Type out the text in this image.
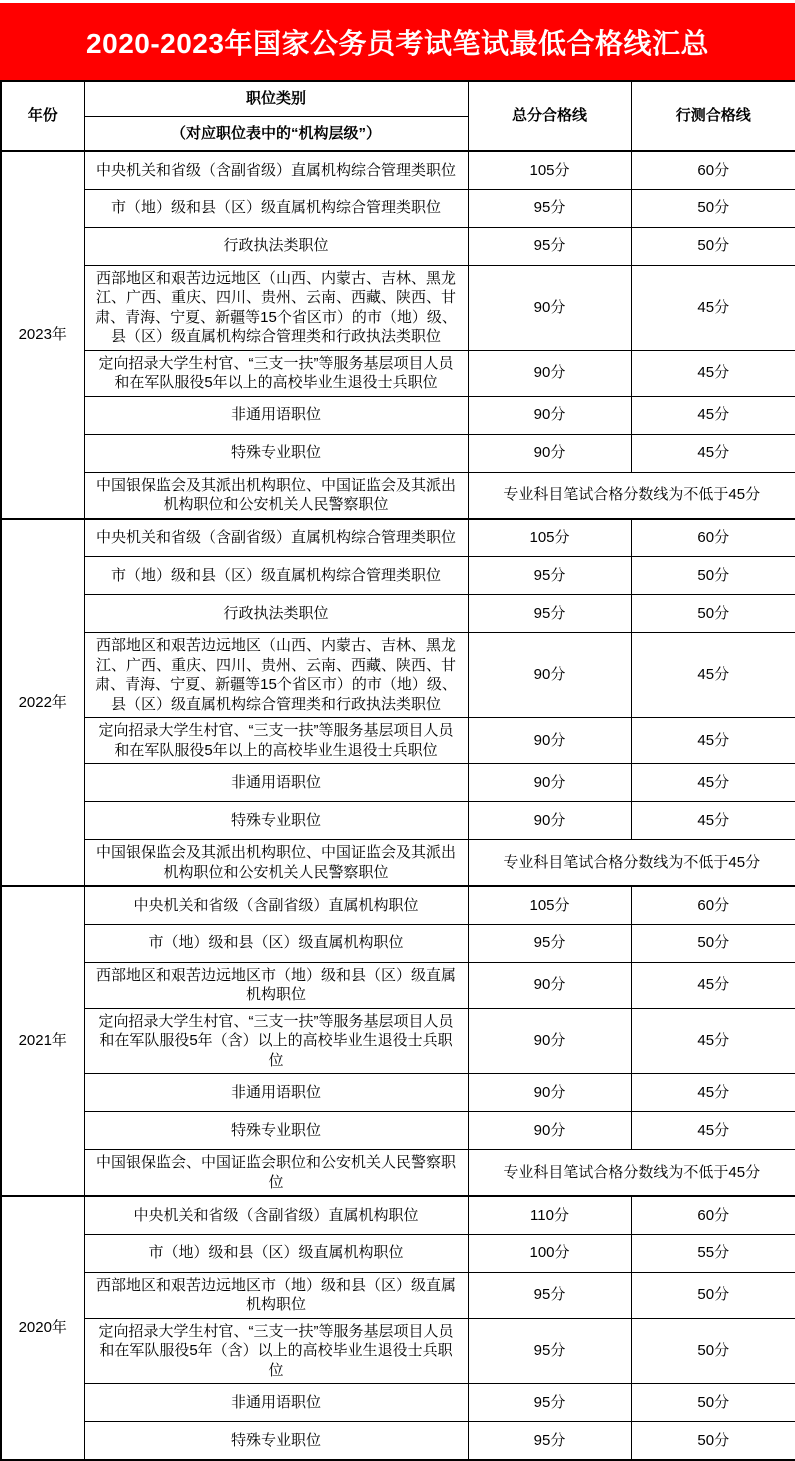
2020-2023年国家公务员考试笔试最低合格线汇总
年份	职位类别	总分合格线	行测合格线
	（对应职位表中的“机构层级”）		
2023年	中央机关和省级（含副省级）直属机构综合管理类职位	105分	60分
	市（地）级和县（区）级直属机构综合管理类职位	95分	50分
	行政执法类职位	95分	50分
	西部地区和艰苦边远地区（山西、内蒙古、吉林、黑龙江、广西、重庆、四川、贵州、云南、西藏、陕西、甘肃、青海、宁夏、新疆等15个省区市）的市（地）级、县（区）级直属机构综合管理类和行政执法类职位	90分	45分
	定向招录大学生村官、“三支一扶”等服务基层项目人员和在军队服役5年以上的高校毕业生退役士兵职位	90分	45分
	非通用语职位	90分	45分
	特殊专业职位	90分	45分
	中国银保监会及其派出机构职位、中国证监会及其派出机构职位和公安机关人民警察职位	专业科目笔试合格分数线为不低于45分	
2022年	中央机关和省级（含副省级）直属机构综合管理类职位	105分	60分
	市（地）级和县（区）级直属机构综合管理类职位	95分	50分
	行政执法类职位	95分	50分
	西部地区和艰苦边远地区（山西、内蒙古、吉林、黑龙江、广西、重庆、四川、贵州、云南、西藏、陕西、甘肃、青海、宁夏、新疆等15个省区市）的市（地）级、县（区）级直属机构综合管理类和行政执法类职位	90分	45分
	定向招录大学生村官、“三支一扶”等服务基层项目人员和在军队服役5年以上的高校毕业生退役士兵职位	90分	45分
	非通用语职位	90分	45分
	特殊专业职位	90分	45分
	中国银保监会及其派出机构职位、中国证监会及其派出机构职位和公安机关人民警察职位	专业科目笔试合格分数线为不低于45分	
2021年	中央机关和省级（含副省级）直属机构职位	105分	60分
	市（地）级和县（区）级直属机构职位	95分	50分
	西部地区和艰苦边远地区市（地）级和县（区）级直属机构职位	90分	45分
	定向招录大学生村官、“三支一扶”等服务基层项目人员和在军队服役5年（含）以上的高校毕业生退役士兵职位	90分	45分
	非通用语职位	90分	45分
	特殊专业职位	90分	45分
	中国银保监会、中国证监会职位和公安机关人民警察职位	专业科目笔试合格分数线为不低于45分	
2020年	中央机关和省级（含副省级）直属机构职位	110分	60分
	市（地）级和县（区）级直属机构职位	100分	55分
	西部地区和艰苦边远地区市（地）级和县（区）级直属机构职位	95分	50分
	定向招录大学生村官、“三支一扶”等服务基层项目人员和在军队服役5年（含）以上的高校毕业生退役士兵职位	95分	50分
	非通用语职位	95分	50分
	特殊专业职位	95分	50分
